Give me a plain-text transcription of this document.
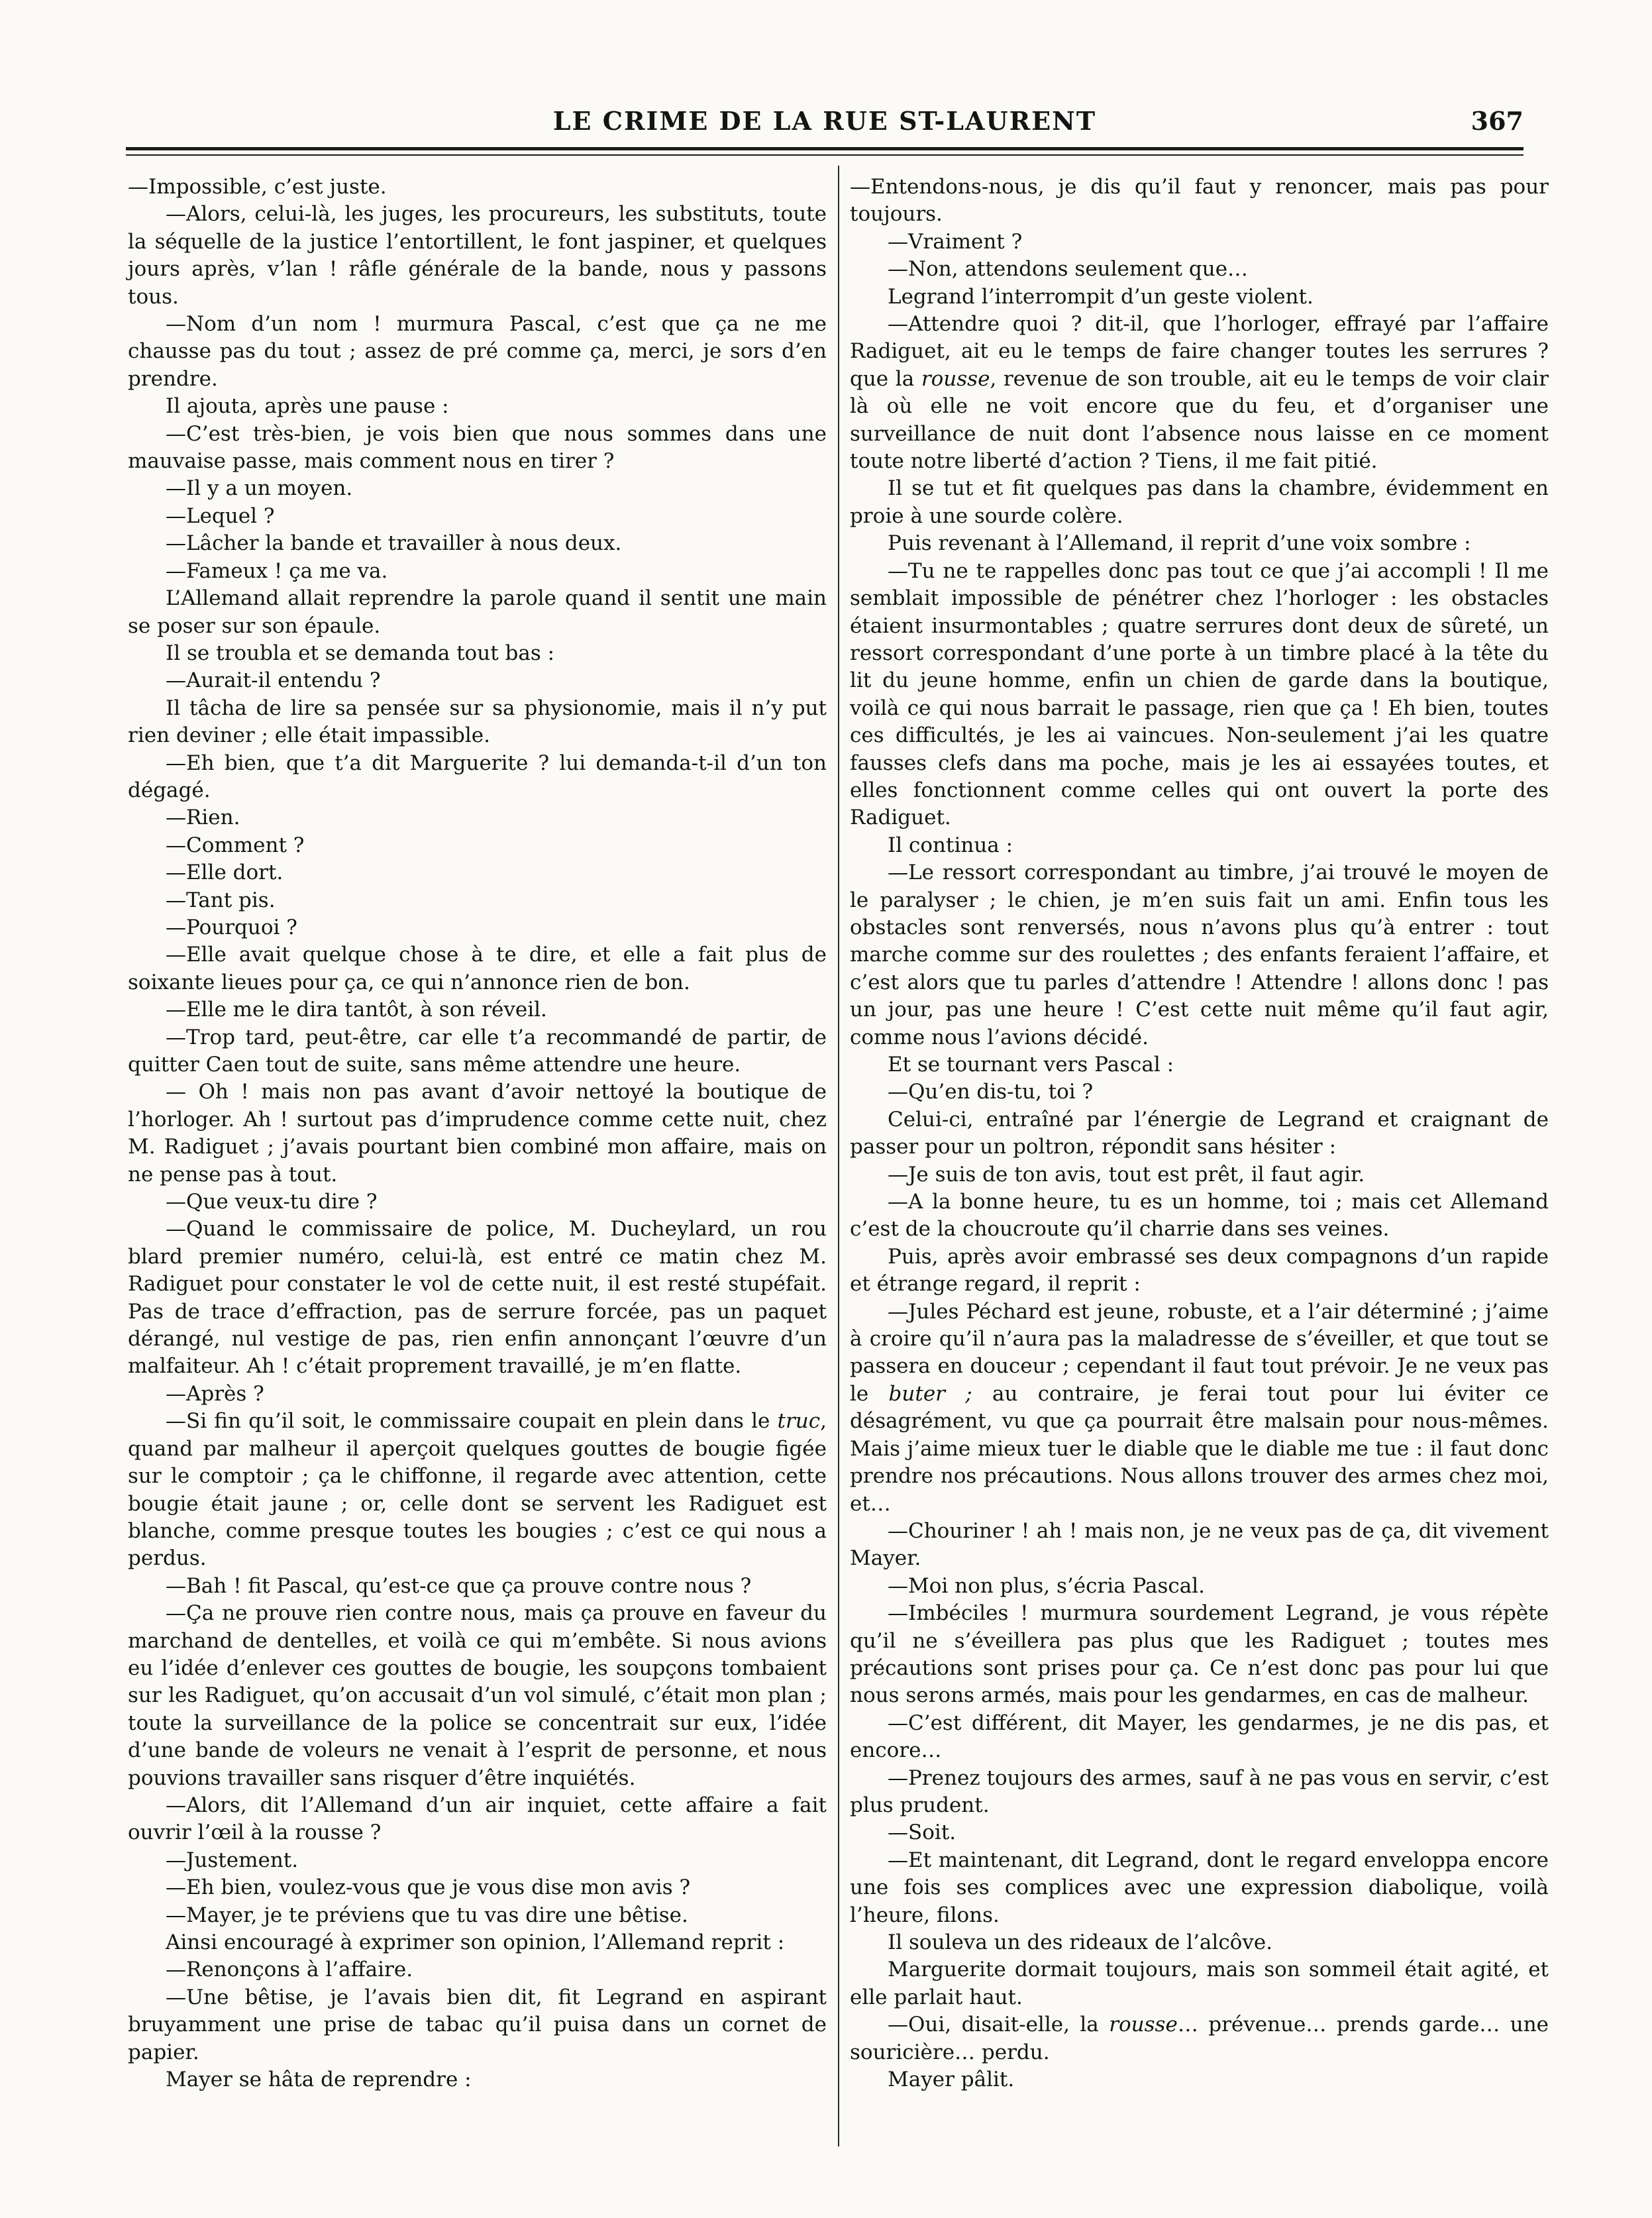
LE CRIME DE LA RUE ST-LAURENT	367

—Impossible, c’est juste.

—Alors, celui-là, les juges, les procureurs, les substituts, toute la séquelle de la justice l’entortillent, le font jaspiner, et quelques jours après, v’lan ! râfle générale de la bande, nous y passons tous.

—Nom d’un nom ! murmura Pascal, c’est que ça ne me chausse pas du tout ; assez de pré comme ça, merci, je sors d’en prendre.

Il ajouta, après une pause :

—C’est très-bien, je vois bien que nous sommes dans une mauvaise passe, mais comment nous en tirer ?

—Il y a un moyen.

—Lequel ?

—Lâcher la bande et travailler à nous deux.

—Fameux ! ça me va.

L’Allemand allait reprendre la parole quand il sentit une main se poser sur son épaule.

Il se troubla et se demanda tout bas :

—Aurait-il entendu ?

Il tâcha de lire sa pensée sur sa physionomie, mais il n’y put rien deviner ; elle était impassible.

—Eh bien, que t’a dit Marguerite ? lui demanda-t-il d’un ton dégagé.

—Rien.

—Comment ?

—Elle dort.

—Tant pis.

—Pourquoi ?

—Elle avait quelque chose à te dire, et elle a fait plus de soixante lieues pour ça, ce qui n’annonce rien de bon.

—Elle me le dira tantôt, à son réveil.

—Trop tard, peut-être, car elle t’a recommandé de partir, de quitter Caen tout de suite, sans même attendre une heure.

— Oh ! mais non pas avant d’avoir nettoyé la boutique de l’horloger. Ah ! surtout pas d’imprudence comme cette nuit, chez M. Radiguet ; j’avais pourtant bien combiné mon affaire, mais on ne pense pas à tout.

—Que veux-tu dire ?

—Quand le commissaire de police, M. Ducheylard, un rou blard premier numéro, celui-là, est entré ce matin chez M. Radiguet pour constater le vol de cette nuit, il est resté stupéfait. Pas de trace d’effraction, pas de serrure forcée, pas un paquet dérangé, nul vestige de pas, rien enfin annonçant l’œuvre d’un malfaiteur. Ah ! c’était proprement travaillé, je m’en flatte.

—Après ?

—Si fin qu’il soit, le commissaire coupait en plein dans le truc, quand par malheur il aperçoit quelques gouttes de bougie figée sur le comptoir ; ça le chiffonne, il regarde avec attention, cette bougie était jaune ; or, celle dont se servent les Radiguet est blanche, comme presque toutes les bougies ; c’est ce qui nous a perdus.

—Bah ! fit Pascal, qu’est-ce que ça prouve contre nous ?

—Ça ne prouve rien contre nous, mais ça prouve en faveur du marchand de dentelles, et voilà ce qui m’embête. Si nous avions eu l’idée d’enlever ces gouttes de bougie, les soupçons tombaient sur les Radiguet, qu’on accusait d’un vol simulé, c’était mon plan ; toute la surveillance de la police se concentrait sur eux, l’idée d’une bande de voleurs ne venait à l’esprit de personne, et nous pouvions travailler sans risquer d’être inquiétés.

—Alors, dit l’Allemand d’un air inquiet, cette affaire a fait ouvrir l’œil à la rousse ?

—Justement.

—Eh bien, voulez-vous que je vous dise mon avis ?

—Mayer, je te préviens que tu vas dire une bêtise.

Ainsi encouragé à exprimer son opinion, l’Allemand reprit :

—Renonçons à l’affaire.

—Une bêtise, je l’avais bien dit, fit Legrand en aspirant bruyamment une prise de tabac qu’il puisa dans un cornet de papier.

Mayer se hâta de reprendre :

—Entendons-nous, je dis qu’il faut y renoncer, mais pas pour toujours.

—Vraiment ?

—Non, attendons seulement que…

Legrand l’interrompit d’un geste violent.

—Attendre quoi ? dit-il, que l’horloger, effrayé par l’affaire Radiguet, ait eu le temps de faire changer toutes les serrures ? que la rousse, revenue de son trouble, ait eu le temps de voir clair là où elle ne voit encore que du feu, et d’organiser une surveillance de nuit dont l’absence nous laisse en ce moment toute notre liberté d’action ? Tiens, il me fait pitié.

Il se tut et fit quelques pas dans la chambre, évidemment en proie à une sourde colère.

Puis revenant à l’Allemand, il reprit d’une voix sombre :

—Tu ne te rappelles donc pas tout ce que j’ai accompli ! Il me semblait impossible de pénétrer chez l’horloger : les obstacles étaient insurmontables ; quatre serrures dont deux de sûreté, un ressort correspondant d’une porte à un timbre placé à la tête du lit du jeune homme, enfin un chien de garde dans la boutique, voilà ce qui nous barrait le passage, rien que ça ! Eh bien, toutes ces difficultés, je les ai vaincues. Non-seulement j’ai les quatre fausses clefs dans ma poche, mais je les ai essayées toutes, et elles fonctionnent comme celles qui ont ouvert la porte des Radiguet.

Il continua :

—Le ressort correspondant au timbre, j’ai trouvé le moyen de le paralyser ; le chien, je m’en suis fait un ami. Enfin tous les obstacles sont renversés, nous n’avons plus qu’à entrer : tout marche comme sur des roulettes ; des enfants feraient l’affaire, et c’est alors que tu parles d’attendre ! Attendre ! allons donc ! pas un jour, pas une heure ! C’est cette nuit même qu’il faut agir, comme nous l’avions décidé.

Et se tournant vers Pascal :

—Qu’en dis-tu, toi ?

Celui-ci, entraîné par l’énergie de Legrand et craignant de passer pour un poltron, répondit sans hésiter :

—Je suis de ton avis, tout est prêt, il faut agir.

—A la bonne heure, tu es un homme, toi ; mais cet Allemand c’est de la choucroute qu’il charrie dans ses veines.

Puis, après avoir embrassé ses deux compagnons d’un rapide et étrange regard, il reprit :

—Jules Péchard est jeune, robuste, et a l’air déterminé ; j’aime à croire qu’il n’aura pas la maladresse de s’éveiller, et que tout se passera en douceur ; cependant il faut tout prévoir. Je ne veux pas le buter ; au contraire, je ferai tout pour lui éviter ce désagrément, vu que ça pourrait être malsain pour nous-mêmes. Mais j’aime mieux tuer le diable que le diable me tue : il faut donc prendre nos précautions. Nous allons trouver des armes chez moi, et…

—Chouriner ! ah ! mais non, je ne veux pas de ça, dit vivement Mayer.

—Moi non plus, s’écria Pascal.

—Imbéciles ! murmura sourdement Legrand, je vous répète qu’il ne s’éveillera pas plus que les Radiguet ; toutes mes précautions sont prises pour ça. Ce n’est donc pas pour lui que nous serons armés, mais pour les gendarmes, en cas de malheur.

—C’est différent, dit Mayer, les gendarmes, je ne dis pas, et encore…

—Prenez toujours des armes, sauf à ne pas vous en servir, c’est plus prudent.

—Soit.

—Et maintenant, dit Legrand, dont le regard enveloppa encore une fois ses complices avec une expression diabolique, voilà l’heure, filons.

Il souleva un des rideaux de l’alcôve.

Marguerite dormait toujours, mais son sommeil était agité, et elle parlait haut.

—Oui, disait-elle, la rousse… prévenue… prends garde… une souricière… perdu.

Mayer pâlit.
